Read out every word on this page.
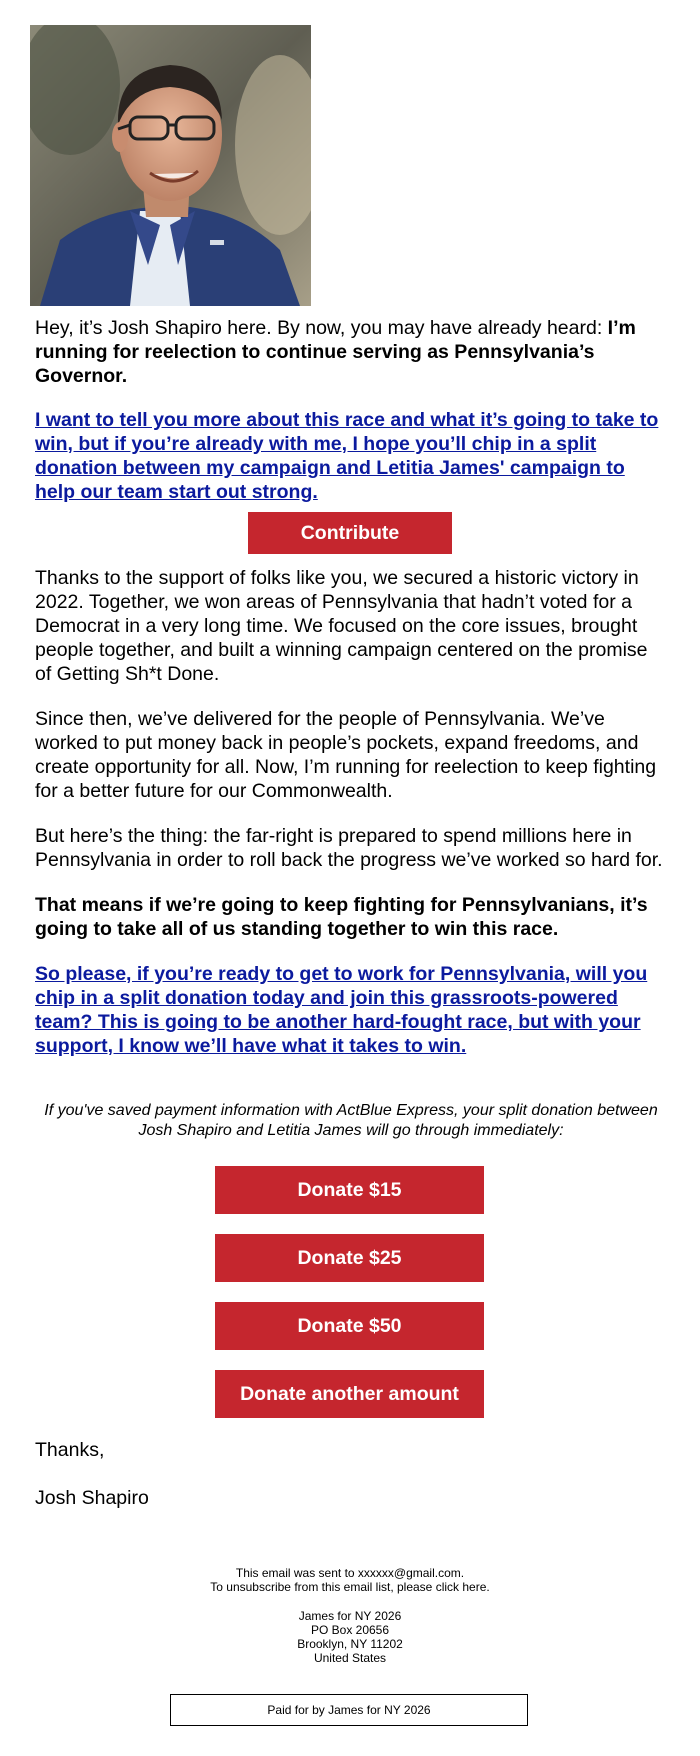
Hey, it’s Josh Shapiro here. By now, you may have already heard: I’m running for reelection to continue serving as Pennsylvania’s Governor.

I want to tell you more about this race and what it’s going to take to win, but if you’re already with me, I hope you’ll chip in a split donation between my campaign and Letitia James' campaign to help our team start out strong.

Contribute

Thanks to the support of folks like you, we secured a historic victory in 2022. Together, we won areas of Pennsylvania that hadn’t voted for a Democrat in a very long time. We focused on the core issues, brought people together, and built a winning campaign centered on the promise of Getting Sh*t Done.

Since then, we’ve delivered for the people of Pennsylvania. We’ve worked to put money back in people’s pockets, expand freedoms, and create opportunity for all. Now, I’m running for reelection to keep fighting for a better future for our Commonwealth.

But here’s the thing: the far-right is prepared to spend millions here in Pennsylvania in order to roll back the progress we’ve worked so hard for.

That means if we’re going to keep fighting for Pennsylvanians, it’s going to take all of us standing together to win this race.

So please, if you’re ready to get to work for Pennsylvania, will you chip in a split donation today and join this grassroots-powered team? This is going to be another hard-fought race, but with your support, I know we’ll have what it takes to win.

If you've saved payment information with ActBlue Express, your split donation between Josh Shapiro and Letitia James will go through immediately:
Donate $15
Donate $25
Donate $50
Donate another amount
Thanks,
Josh Shapiro
This email was sent to xxxxxx@gmail.com.
To unsubscribe from this email list, please click here.
James for NY 2026
PO Box 20656
Brooklyn, NY 11202
United States
Paid for by James for NY 2026
